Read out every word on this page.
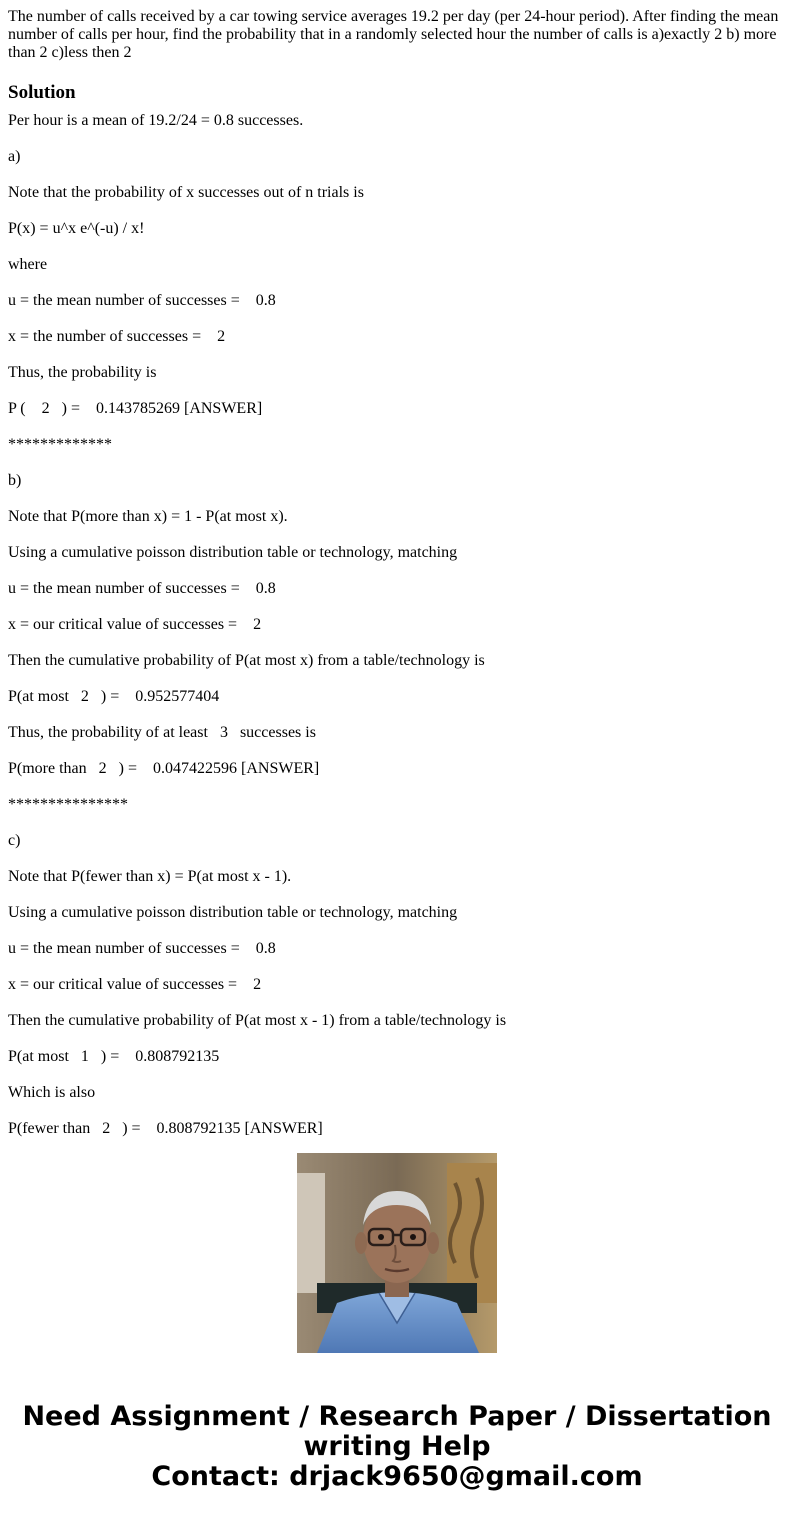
The number of calls received by a car towing service averages 19.2 per day (per 24-hour period). After finding the mean number of calls per hour, find the probability that in a randomly selected hour the number of calls is a)exactly 2 b) more than 2 c)less then 2

Solution

Per hour is a mean of 19.2/24 = 0.8 successes.

a)

Note that the probability of x successes out of n trials is

P(x) = u^x e^(-u) / x!

where

u = the mean number of successes =    0.8

x = the number of successes =    2

Thus, the probability is

P (    2   ) =    0.143785269 [ANSWER]

*************

b)

Note that P(more than x) = 1 - P(at most x).

Using a cumulative poisson distribution table or technology, matching

u = the mean number of successes =    0.8

x = our critical value of successes =    2

Then the cumulative probability of P(at most x) from a table/technology is

P(at most   2   ) =    0.952577404

Thus, the probability of at least   3   successes is

P(more than   2   ) =    0.047422596 [ANSWER]

***************

c)

Note that P(fewer than x) = P(at most x - 1).

Using a cumulative poisson distribution table or technology, matching

u = the mean number of successes =    0.8

x = our critical value of successes =    2

Then the cumulative probability of P(at most x - 1) from a table/technology is

P(at most   1   ) =    0.808792135

Which is also

P(fewer than   2   ) =    0.808792135 [ANSWER]

Need Assignment / Research Paper / Dissertation
writing Help
Contact: drjack9650@gmail.com
